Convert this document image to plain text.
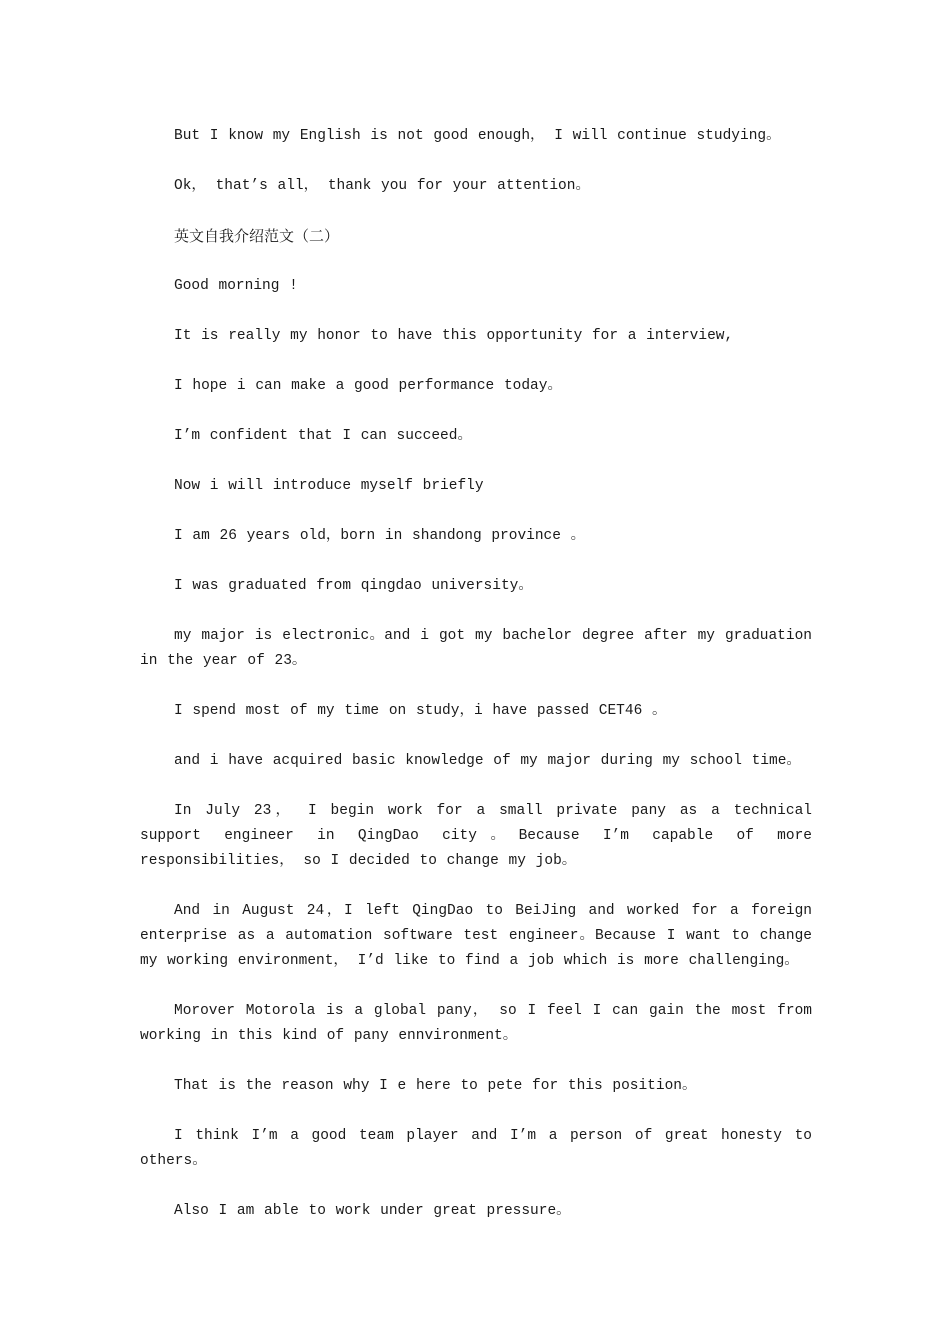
But I know my English is not good enough， I will continue studying。

Ok， that’s all， thank you for your attention。

英文自我介绍范文（二）

Good morning !

It is really my honor to have this opportunity for a interview,

I hope i can make a good performance today。

I’m confident that I can succeed。

Now i will introduce myself briefly

I am 26 years old，born in shandong province 。

I was graduated from qingdao university。

my major is electronic。and i got my bachelor degree after my graduation in the year of 23。

I spend most of my time on study，i have passed CET46 。

and i have acquired basic knowledge of my major during my school time。

In July 23， I begin work for a small private pany as a technical support engineer in QingDao city。Because I’m capable of more responsibilities， so I decided to change my job。

And in August 24，I left QingDao to BeiJing and worked for a foreign enterprise as a automation software test engineer。Because I want to change my working environment， I’d like to find a job which is more challenging。

Morover Motorola is a global pany， so I feel I can gain the most from working in this kind of pany ennvironment。

That is the reason why I e here to pete for this position。

I think I’m a good team player and I’m a person of great honesty to others。

Also I am able to work under great pressure。
